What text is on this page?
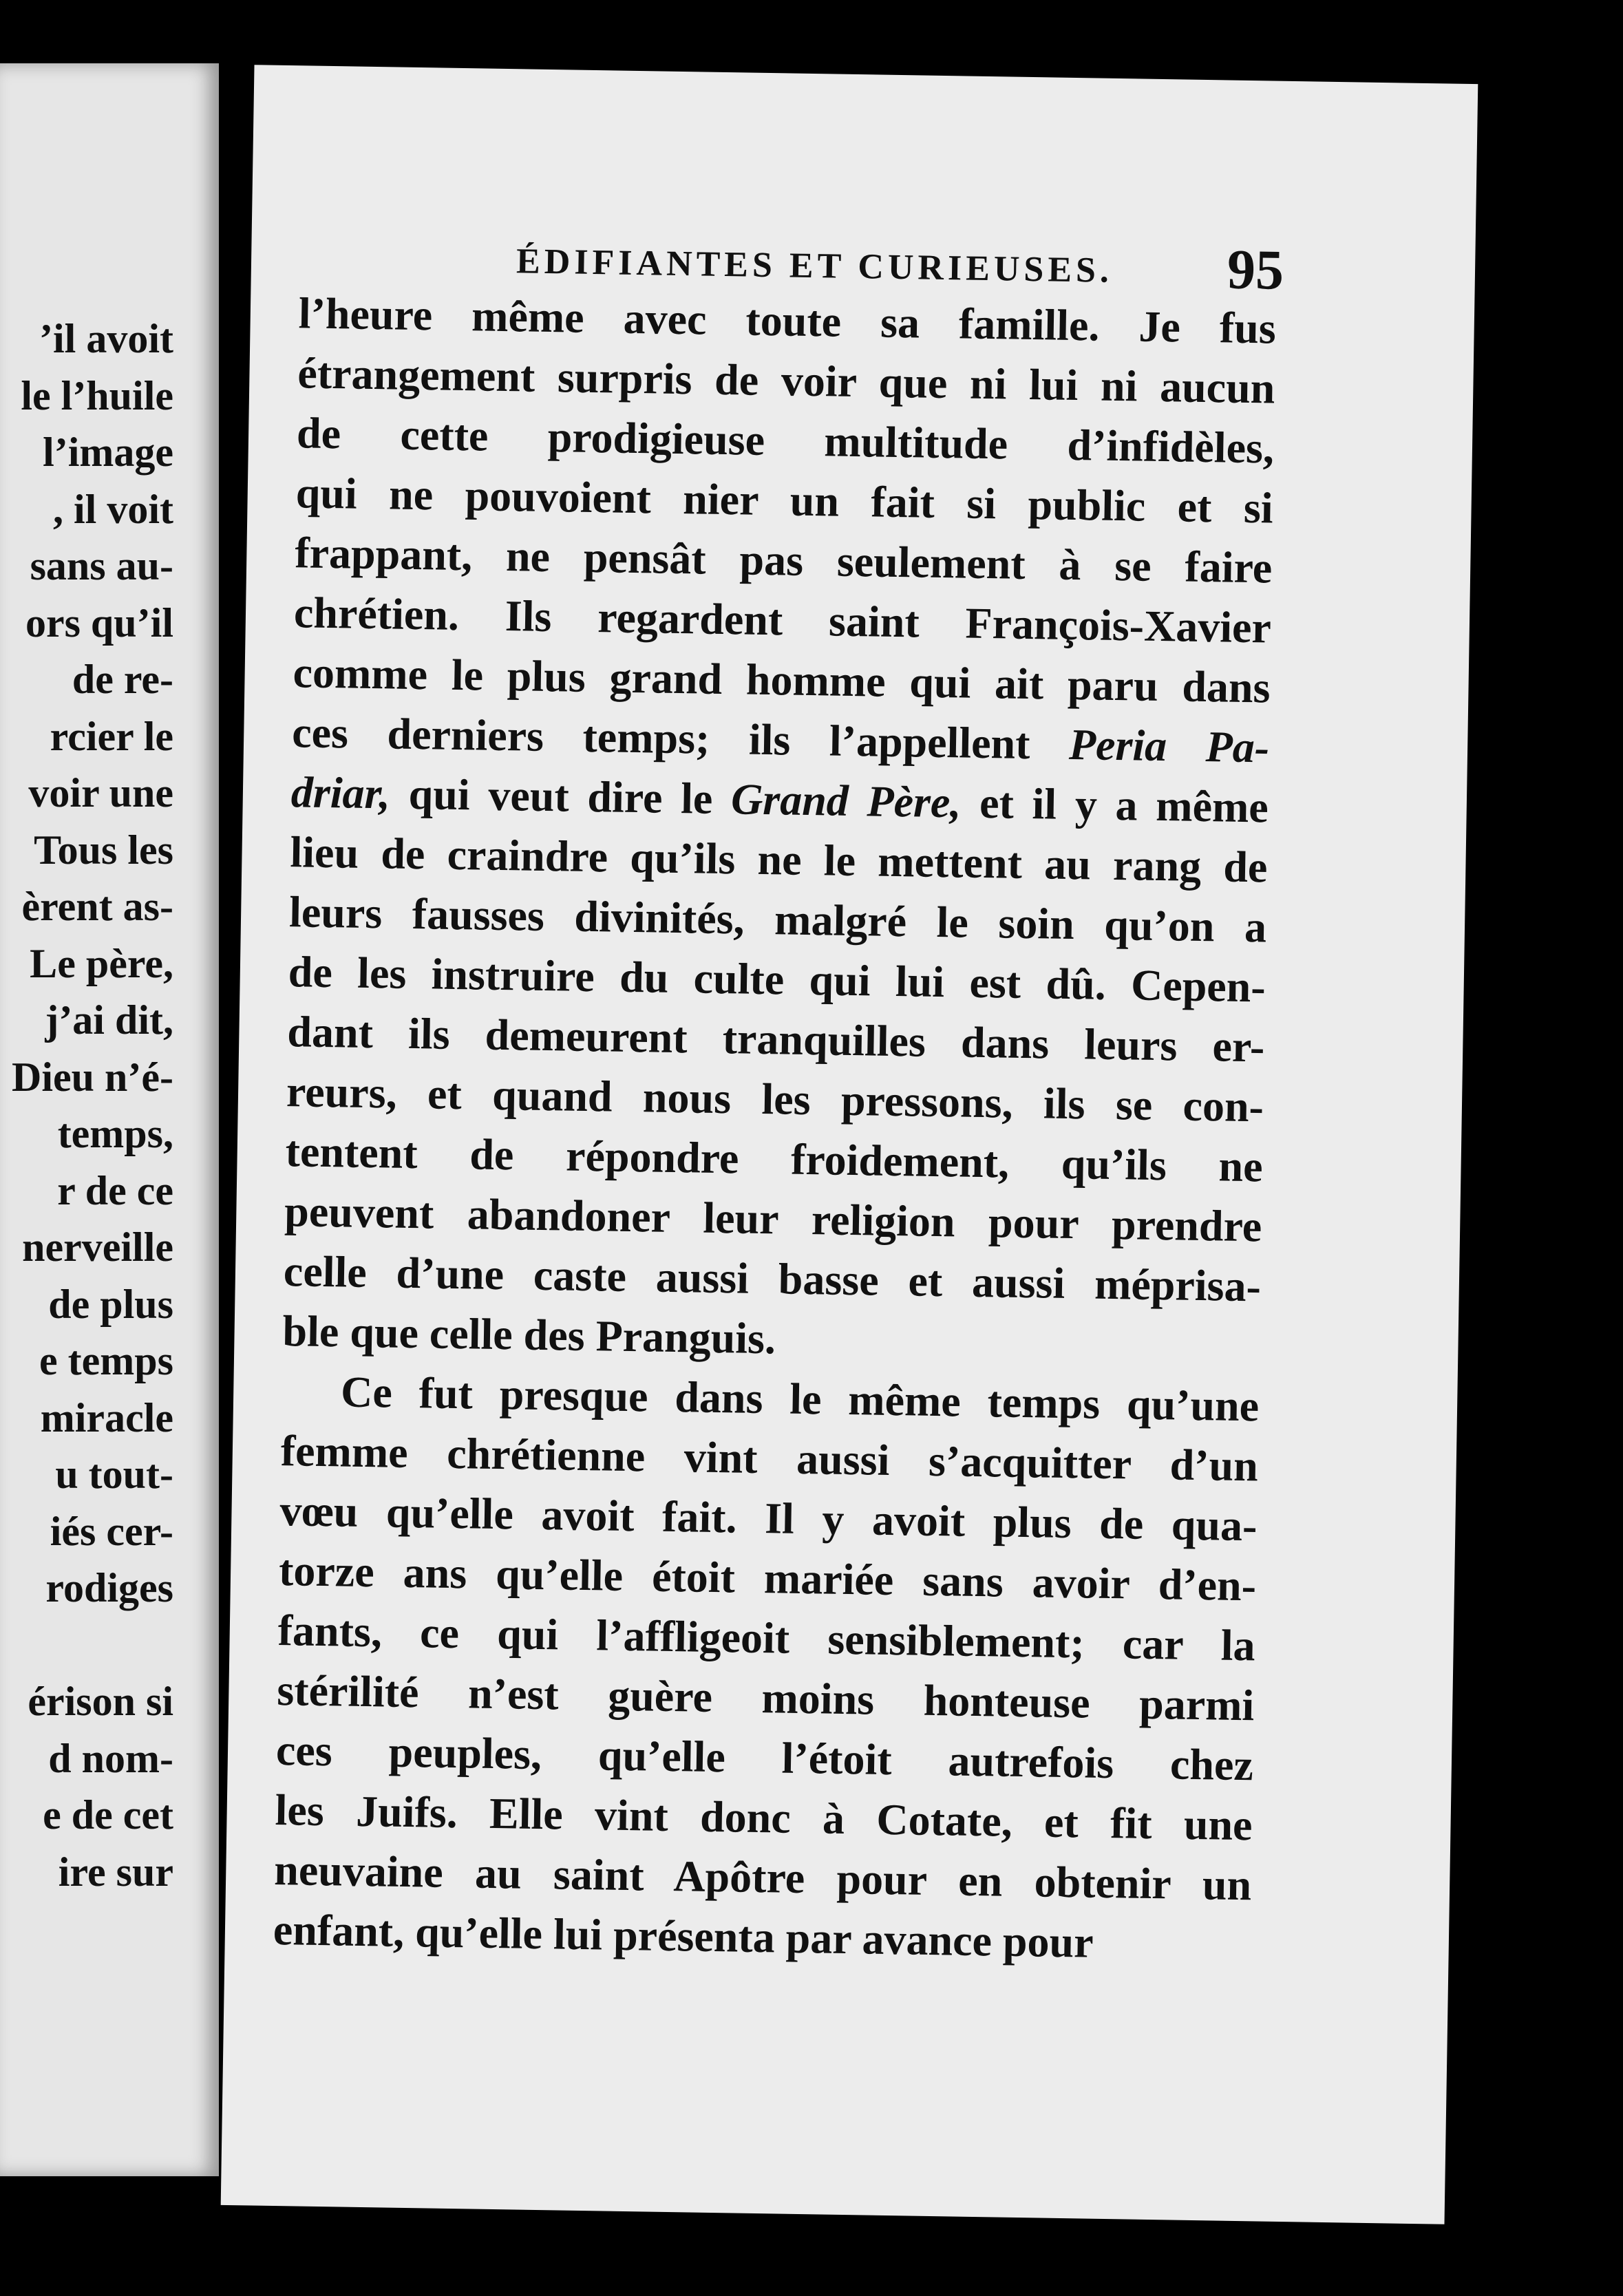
’il avoit
le l’huile
l’image
, il voit
sans au-
ors qu’il
de re-
rcier le
voir une
Tous les
èrent as-
Le père,
j’ai dit,
Dieu n’é-
temps,
r de ce
nerveille
de plus
e temps
miracle
u tout-
iés cer-
rodiges
érison si
d nom-
e de cet
ire sur
ÉDIFIANTES ET CURIEUSES. 95
l’heure même avec toute sa famille. Je fus
étrangement surpris de voir que ni lui ni aucun
de cette prodigieuse multitude d’infidèles,
qui ne pouvoient nier un fait si public et si
frappant, ne pensât pas seulement à se faire
chrétien. Ils regardent saint François-Xavier
comme le plus grand homme qui ait paru dans
ces derniers temps; ils l’appellent Peria Pa-
driar, qui veut dire le Grand Père, et il y a même
lieu de craindre qu’ils ne le mettent au rang de
leurs fausses divinités, malgré le soin qu’on a
de les instruire du culte qui lui est dû. Cepen-
dant ils demeurent tranquilles dans leurs er-
reurs, et quand nous les pressons, ils se con-
tentent de répondre froidement, qu’ils ne
peuvent abandoner leur religion pour prendre
celle d’une caste aussi basse et aussi méprisa-
ble que celle des Pranguis.
Ce fut presque dans le même temps qu’une
femme chrétienne vint aussi s’acquitter d’un
vœu qu’elle avoit fait. Il y avoit plus de qua-
torze ans qu’elle étoit mariée sans avoir d’en-
fants, ce qui l’affligeoit sensiblement; car la
stérilité n’est guère moins honteuse parmi
ces peuples, qu’elle l’étoit autrefois chez
les Juifs. Elle vint donc à Cotate, et fit une
neuvaine au saint Apôtre pour en obtenir un
enfant, qu’elle lui présenta par avance pour
